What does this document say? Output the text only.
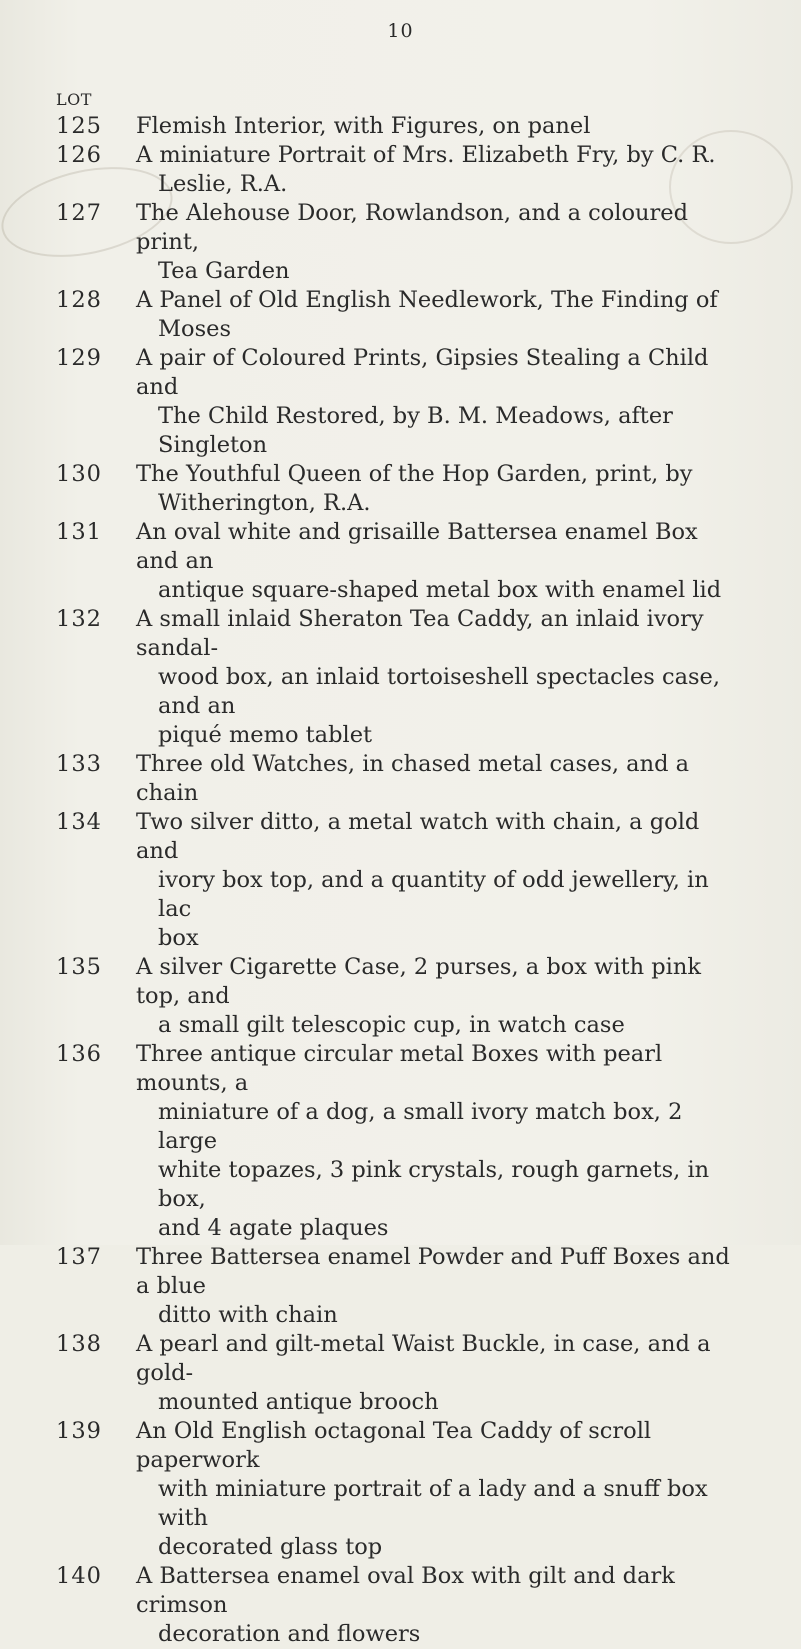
10
LOT
125	Flemish Interior, with Figures, on panel
126	A miniature Portrait of Mrs. Elizabeth Fry, by C. R.
Leslie, R.A.
127	The Alehouse Door, Rowlandson, and a coloured print,
Tea Garden
128	A Panel of Old English Needlework, The Finding of
Moses
129	A pair of Coloured Prints, Gipsies Stealing a Child and
The Child Restored, by B. M. Meadows, after
Singleton
130	The Youthful Queen of the Hop Garden, print, by
Witherington, R.A.
131	An oval white and grisaille Battersea enamel Box and an
antique square-shaped metal box with enamel lid
132	A small inlaid Sheraton Tea Caddy, an inlaid ivory sandal-
wood box, an inlaid tortoiseshell spectacles case, and an
piqué memo tablet
133	Three old Watches, in chased metal cases, and a chain
134	Two silver ditto, a metal watch with chain, a gold and
ivory box top, and a quantity of odd jewellery, in lac
box
135	A silver Cigarette Case, 2 purses, a box with pink top, and
a small gilt telescopic cup, in watch case
136	Three antique circular metal Boxes with pearl mounts, a
miniature of a dog, a small ivory match box, 2 large
white topazes, 3 pink crystals, rough garnets, in box,
and 4 agate plaques
137	Three Battersea enamel Powder and Puff Boxes and a blue
ditto with chain
138	A pearl and gilt-metal Waist Buckle, in case, and a gold-
mounted antique brooch
139	An Old English octagonal Tea Caddy of scroll paperwork
with miniature portrait of a lady and a snuff box with
decorated glass top
140	A Battersea enamel oval Box with gilt and dark crimson
decoration and flowers
